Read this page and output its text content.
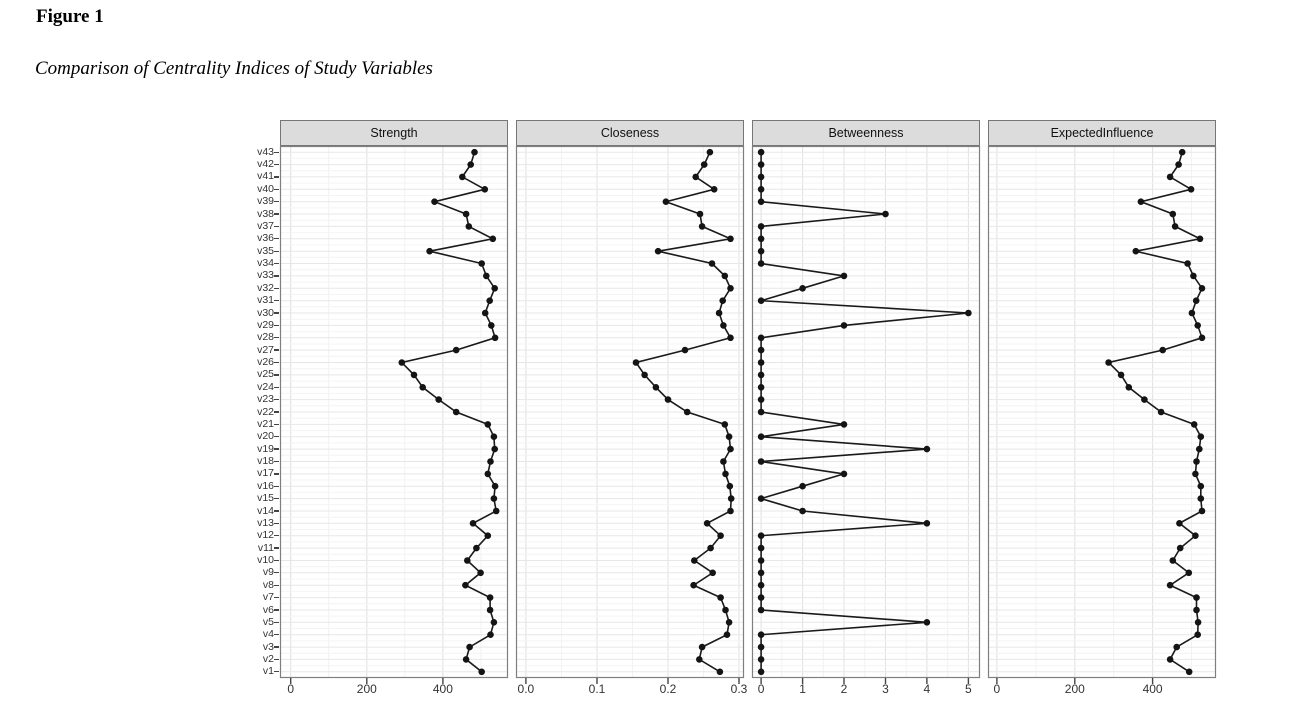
Figure 1
Comparison of Centrality Indices of Study Variables
v43
v42
v41
v40
v39
v38
v37
v36
v35
v34
v33
v32
v31
v30
v29
v28
v27
v26
v25
v24
v23
v22
v21
v20
v19
v18
v17
v16
v15
v14
v13
v12
v11
v10
v9
v8
v7
v6
v5
v4
v3
v2
v1
Strength
0	200	400
Closeness
0.0	0.1	0.2	0.3
Betweenness
0	1	2	3	4	5
ExpectedInfluence
0	200	400
